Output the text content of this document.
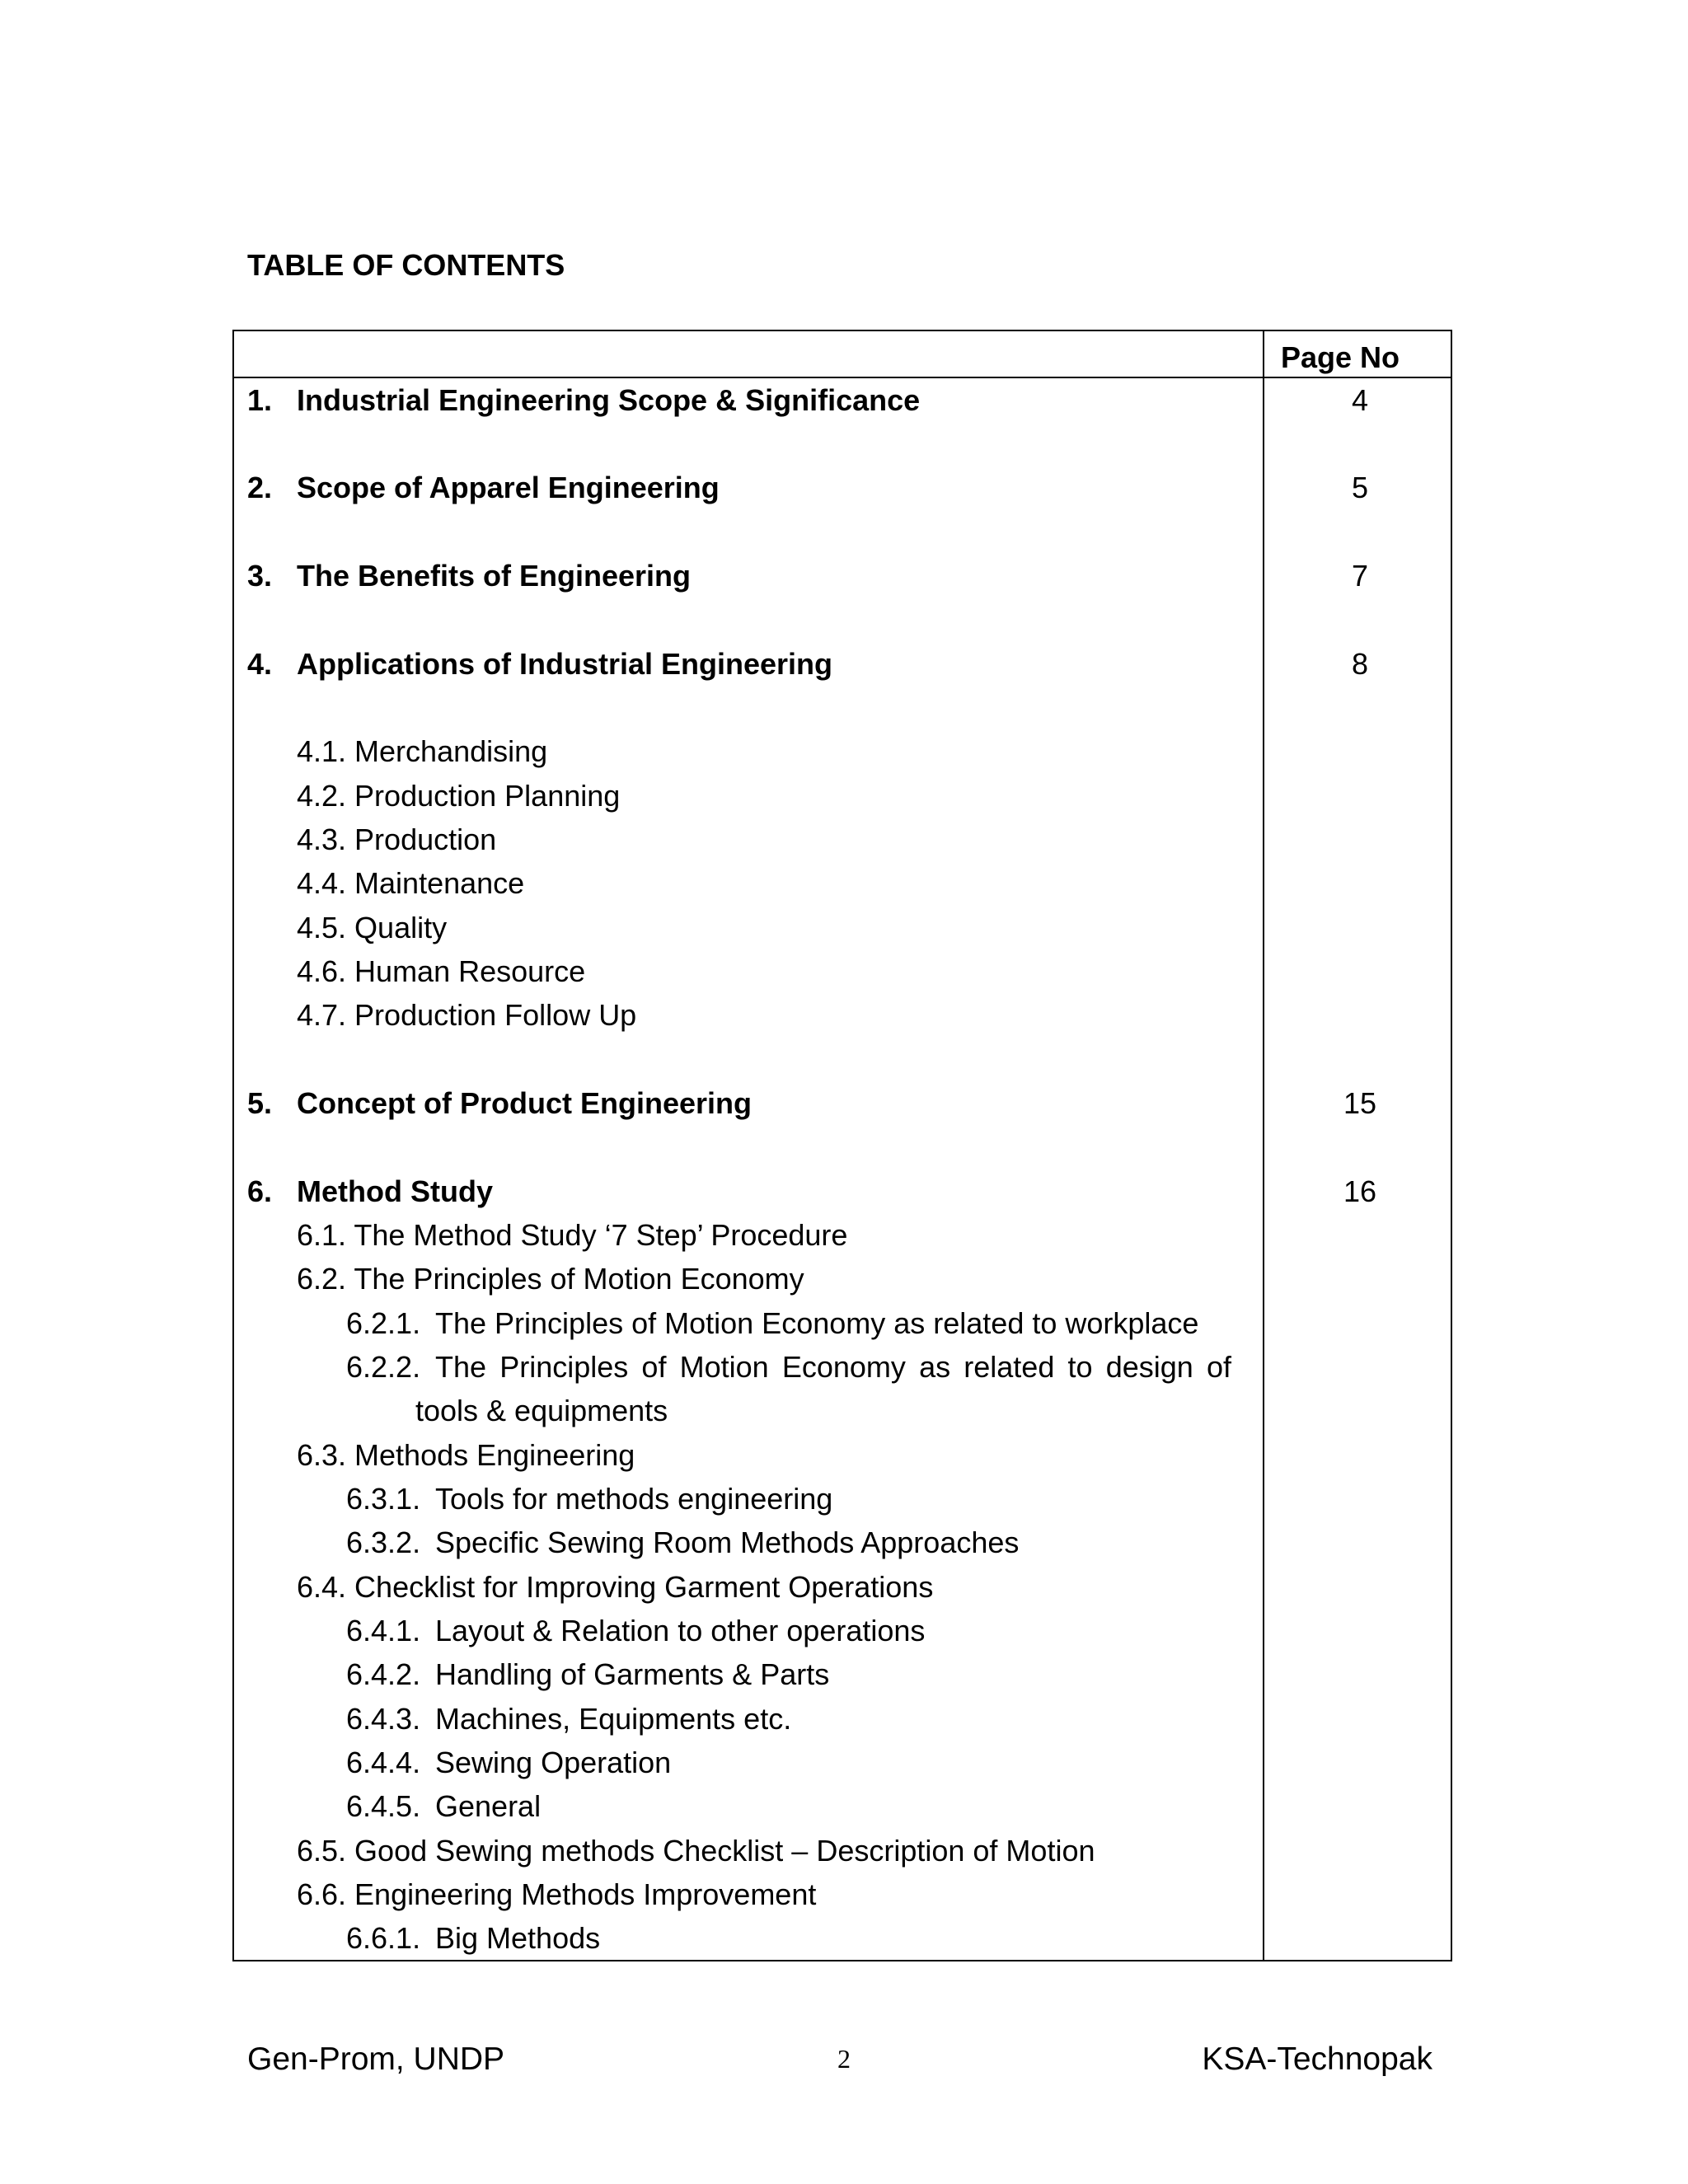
TABLE OF CONTENTS
Page No
1. Industrial Engineering Scope & Significance	4
2. Scope of Apparel Engineering	5
3. The Benefits of Engineering	7
4. Applications of Industrial Engineering	8
4.1. Merchandising
4.2. Production Planning
4.3. Production
4.4. Maintenance
4.5. Quality
4.6. Human Resource
4.7. Production Follow Up
5. Concept of Product Engineering	15
6. Method Study	16
6.1. The Method Study ‘7 Step’ Procedure
6.2. The Principles of Motion Economy
6.2.1. The Principles of Motion Economy as related to workplace
6.2.2. The Principles of Motion Economy as related to design of
tools & equipments
6.3. Methods Engineering
6.3.1. Tools for methods engineering
6.3.2. Specific Sewing Room Methods Approaches
6.4. Checklist for Improving Garment Operations
6.4.1. Layout & Relation to other operations
6.4.2. Handling of Garments & Parts
6.4.3. Machines, Equipments etc.
6.4.4. Sewing Operation
6.4.5. General
6.5. Good Sewing methods Checklist – Description of Motion
6.6. Engineering Methods Improvement
6.6.1. Big Methods
Gen-Prom, UNDP	2	KSA-Technopak
